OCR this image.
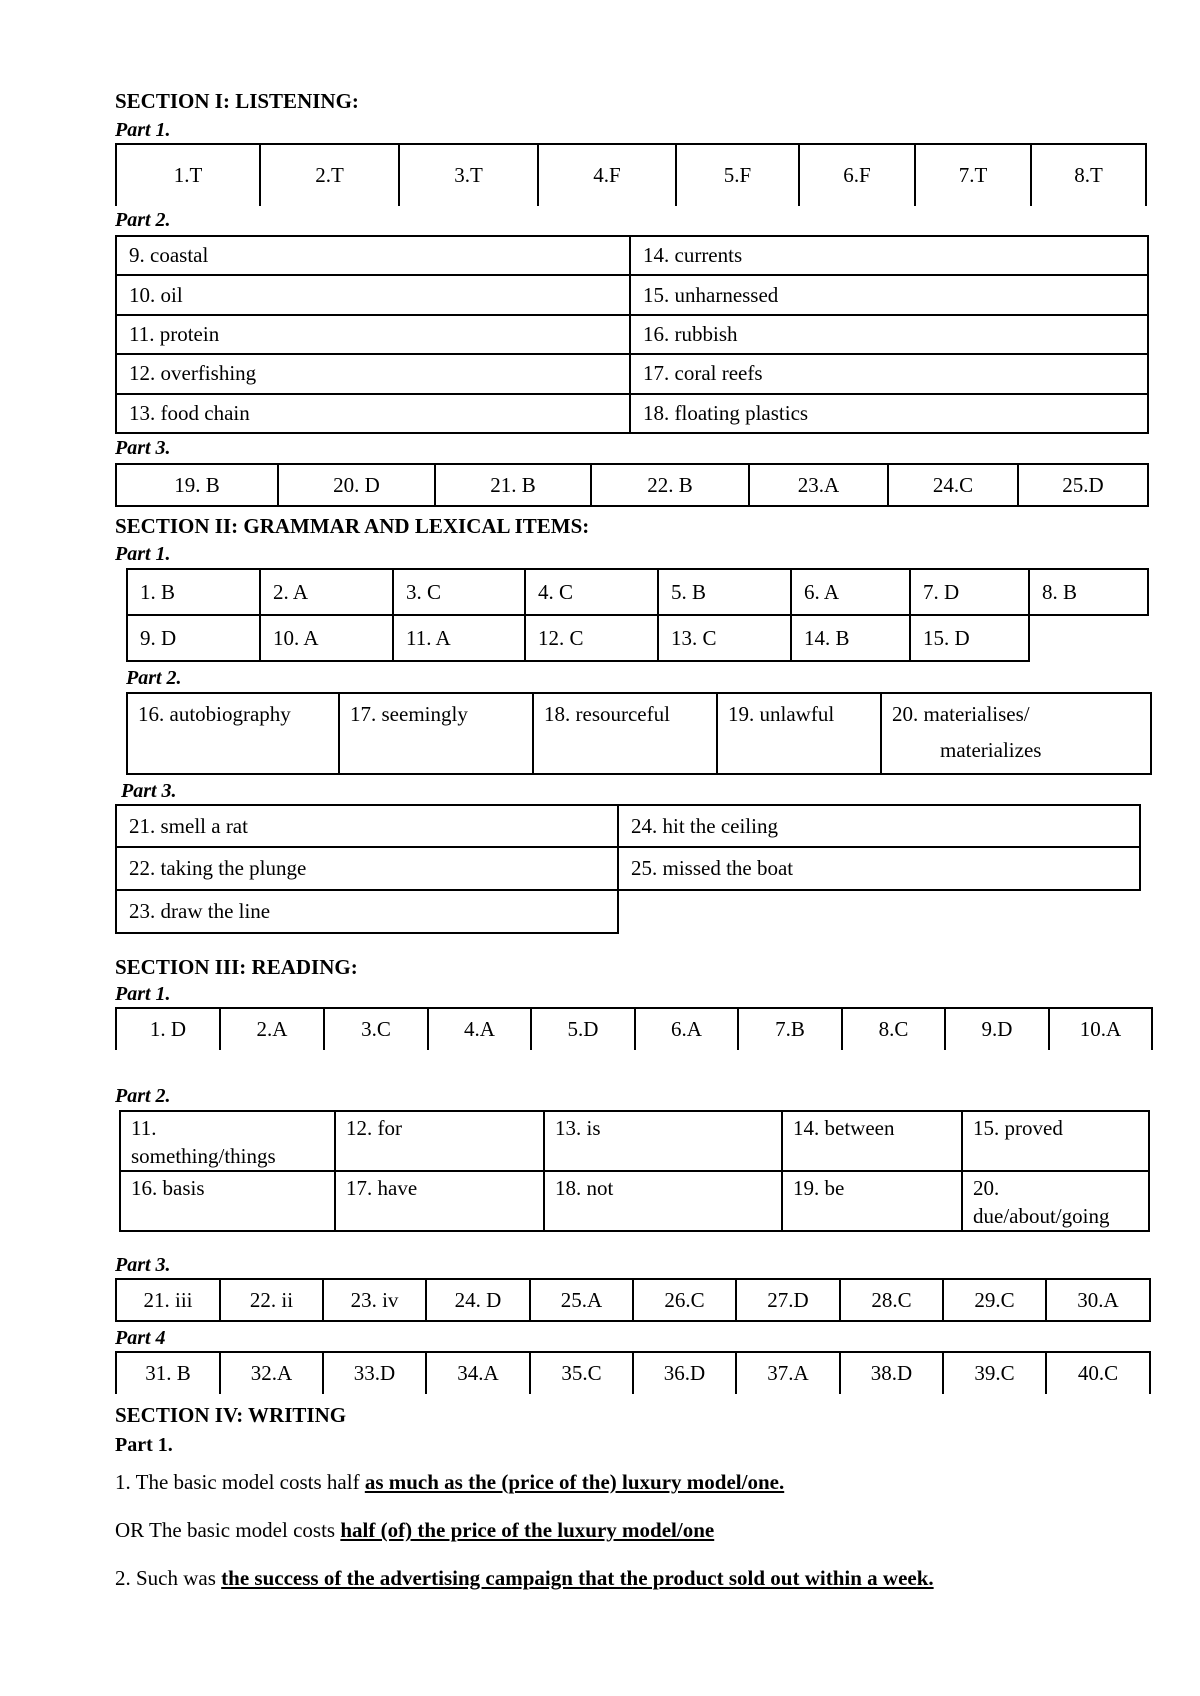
SECTION I: LISTENING:
Part 1.
1.T	2.T	3.T	4.F	5.F	6.F	7.T	8.T
Part 2.
9. coastal	14. currents
10. oil	15. unharnessed
11. protein	16. rubbish
12. overfishing	17. coral reefs
13. food chain	18. floating plastics
Part 3.
19. B	20. D	21. B	22. B	23.A	24.C	25.D
SECTION II: GRAMMAR AND LEXICAL ITEMS:
Part 1.
1. B	2. A	3. C	4. C	5. B	6. A	7. D	8. B
9. D	10. A	11. A	12. C	13. C	14. B	15. D	
Part 2.
16. autobiography	17. seemingly	18. resourceful	19. unlawful	20. materialises/
materializes
Part 3.
21. smell a rat	24. hit the ceiling
22. taking the plunge	25. missed the boat
23. draw the line	
SECTION III: READING:
Part 1.
1. D	2.A	3.C	4.A	5.D	6.A	7.B	8.C	9.D	10.A
Part 2.
11.
something/things	12. for	13. is	14. between	15. proved
16. basis	17. have	18. not	19. be	20.
due/about/going
Part 3.
21. iii	22. ii	23. iv	24. D	25.A	26.C	27.D	28.C	29.C	30.A
Part 4
31. B	32.A	33.D	34.A	35.C	36.D	37.A	38.D	39.C	40.C
SECTION IV: WRITING
Part 1.
1. The basic model costs half as much as the (price of the) luxury model/one.
OR The basic model costs half (of) the price of the luxury model/one
2. Such was the success of the advertising campaign that the product sold out within a week.
